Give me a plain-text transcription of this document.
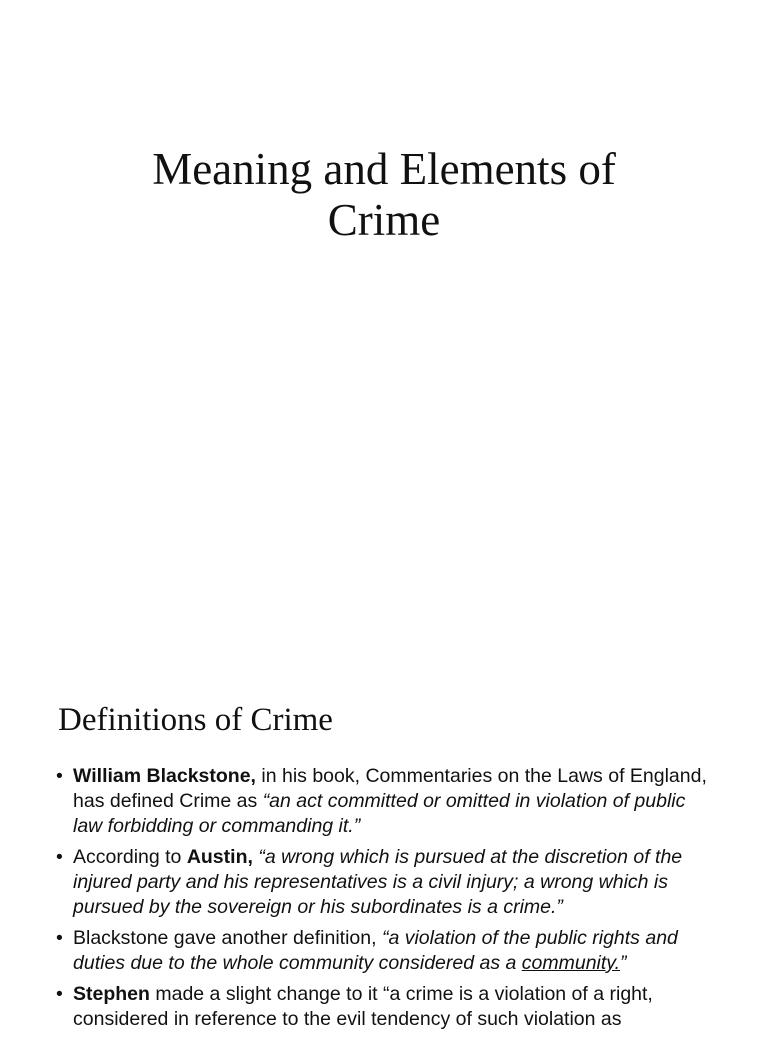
Meaning and Elements of
Crime
Definitions of Crime
• William Blackstone, in his book, Commentaries on the Laws of England, has defined Crime as “an act committed or omitted in violation of public law forbidding or commanding it.”
• According to Austin, “a wrong which is pursued at the discretion of the injured party and his representatives is a civil injury; a wrong which is pursued by the sovereign or his subordinates is a crime.”
• Blackstone gave another definition, “a violation of the public rights and duties due to the whole community considered as a community.”
• Stephen made a slight change to it “a crime is a violation of a right, considered in reference to the evil tendency of such violation as
